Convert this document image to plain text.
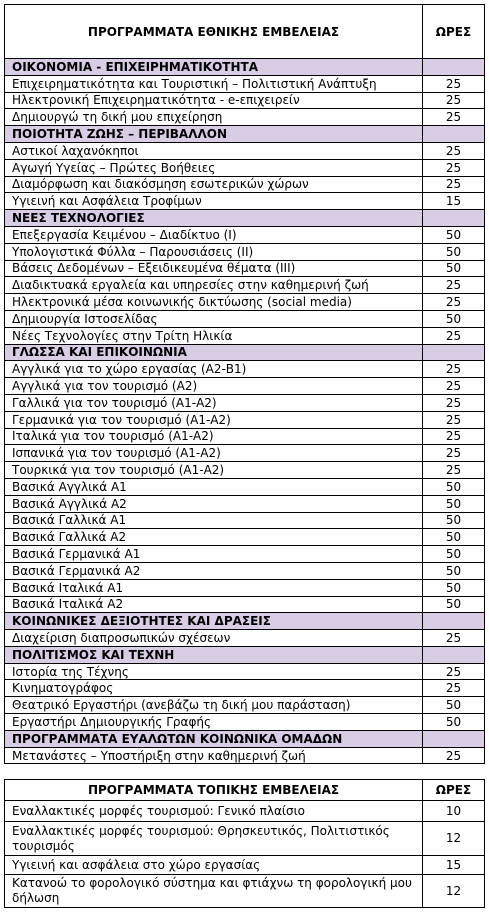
ΠΡΟΓΡΑΜΜΑΤΑ ΕΘΝΙΚΗΣ ΕΜΒΕΛΕΙΑΣ	ΩΡΕΣ
ΟΙΚΟΝΟΜΙΑ - ΕΠΙΧΕΙΡΗΜΑΤΙΚΟΤΗΤΑ	
Επιχειρηματικότητα και Τουριστική – Πολιτιστική Ανάπτυξη	25
Ηλεκτρονική Επιχειρηματικότητα - e-επιχειρείν	25
Δημιουργώ τη δική μου επιχείρηση	25
ΠΟΙΟΤΗΤΑ ΖΩΗΣ – ΠΕΡΙΒΑΛΛΟΝ	
Αστικοί λαχανόκηποι	25
Αγωγή Υγείας – Πρώτες Βοήθειες	25
Διαμόρφωση και διακόσμηση εσωτερικών χώρων	25
Υγιεινή και Ασφάλεια Τροφίμων	15
ΝΕΕΣ ΤΕΧΝΟΛΟΓΙΕΣ	
Επεξεργασία Κειμένου – Διαδίκτυο (Ι)	50
Υπολογιστικά Φύλλα – Παρουσιάσεις (ΙΙ)	50
Βάσεις Δεδομένων – Εξειδικευμένα θέματα (ΙΙΙ)	50
Διαδικτυακά εργαλεία και υπηρεσίες στην καθημερινή ζωή	25
Ηλεκτρονικά μέσα κοινωνικής δικτύωσης (social media)	25
Δημιουργία Ιστοσελίδας	50
Νέες Τεχνολογίες στην Τρίτη Ηλικία	25
ΓΛΩΣΣΑ ΚΑΙ ΕΠΙΚΟΙΝΩΝΙΑ	
Αγγλικά για το χώρο εργασίας (Α2-Β1)	25
Αγγλικά για τον τουρισμό (Α2)	25
Γαλλικά για τον τουρισμό (Α1-Α2)	25
Γερμανικά για τον τουρισμό (Α1-Α2)	25
Ιταλικά για τον τουρισμό (Α1-Α2)	25
Ισπανικά για τον τουρισμό (Α1-Α2)	25
Τουρκικά για τον τουρισμό (Α1-Α2)	25
Βασικά Αγγλικά Α1	50
Βασικά Αγγλικά Α2	50
Βασικά Γαλλικά Α1	50
Βασικά Γαλλικά Α2	50
Βασικά Γερμανικά Α1	50
Βασικά Γερμανικά Α2	50
Βασικά Ιταλικά Α1	50
Βασικά Ιταλικά Α2	50
ΚΟΙΝΩΝΙΚΕΣ ΔΕΞΙΟΤΗΤΕΣ ΚΑΙ ΔΡΑΣΕΙΣ	
Διαχείριση διαπροσωπικών σχέσεων	25
ΠΟΛΙΤΙΣΜΟΣ ΚΑΙ ΤΕΧΝΗ	
Ιστορία της Τέχνης	25
Κινηματογράφος	25
Θεατρικό Εργαστήρι (ανεβάζω τη δική μου παράσταση)	50
Εργαστήρι Δημιουργικής Γραφής	50
ΠΡΟΓΡΑΜΜΑΤΑ ΕΥΑΛΩΤΩΝ ΚΟΙΝΩΝΙΚΑ ΟΜΑΔΩΝ	
Μετανάστες – Υποστήριξη στην καθημερινή ζωή	25
ΠΡΟΓΡΑΜΜΑΤΑ ΤΟΠΙΚΗΣ ΕΜΒΕΛΕΙΑΣ	ΩΡΕΣ
Εναλλακτικές μορφές τουρισμού: Γενικό πλαίσιο	10
Εναλλακτικές μορφές τουρισμού: Θρησκευτικός, Πολιτιστικός τουρισμός	12
Υγιεινή και ασφάλεια στο χώρο εργασίας	15
Κατανοώ το φορολογικό σύστημα και φτιάχνω τη φορολογική μου δήλωση	12
